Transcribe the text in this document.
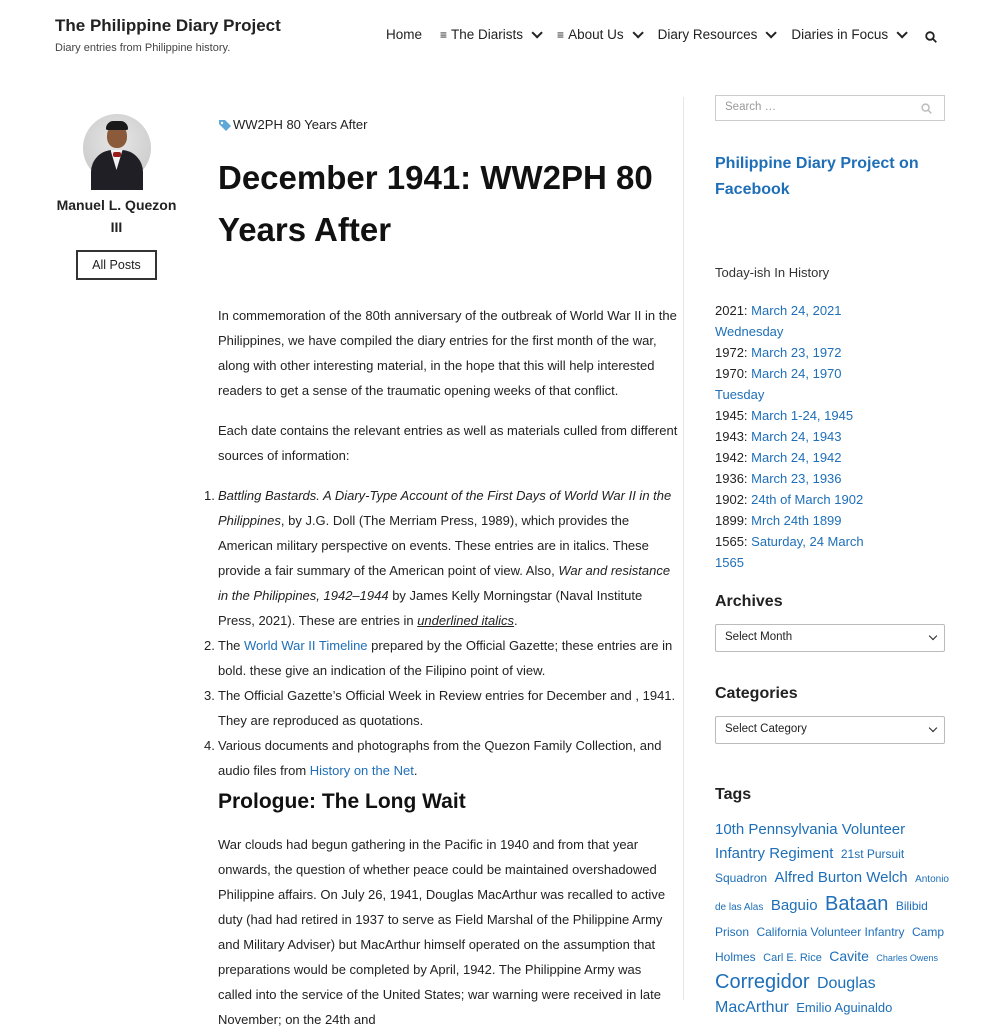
The Philippine Diary Project
Diary entries from Philippine history.
Home ≡ The Diarists	≡ About Us	Diary Resources	Diaries in Focus
Manuel L. Quezon III
All Posts
WW2PH 80 Years After
December 1941: WW2PH 80 Years After

In commemoration of the 80th anniversary of the outbreak of World War II in the Philippines, we have compiled the diary entries for the first month of the war, along with other interesting material, in the hope that this will help interested readers to get a sense of the traumatic opening weeks of that conflict.

Each date contains the relevant entries as well as materials culled from different sources of information:

Battling Bastards. A Diary-Type Account of the First Days of World War II in the Philippines, by J.G. Doll (The Merriam Press, 1989), which provides the American military perspective on events. These entries are in italics. These provide a fair summary of the American point of view. Also, War and resistance in the Philippines, 1942–1944 by James Kelly Morningstar (Naval Institute Press, 2021). These are entries in underlined italics.
The World War II Timeline prepared by the Official Gazette; these entries are in bold. these give an indication of the Filipino point of view.
The Official Gazette’s Official Week in Review entries for December and , 1941. They are reproduced as quotations.
Various documents and photographs from the Quezon Family Collection, and audio files from History on the Net.
Prologue: The Long Wait

War clouds had begun gathering in the Pacific in 1940 and from that year onwards, the question of whether peace could be maintained overshadowed Philippine affairs. On July 26, 1941, Douglas MacArthur was recalled to active duty (had had retired in 1937 to serve as Field Marshal of the Philippine Army and Military Adviser) but MacArthur himself operated on the assumption that preparations would be completed by April, 1942. The Philippine Army was called into the service of the United States; war warning were received in late November; on the 24th and

Search …
Philippine Diary Project on Facebook
Today-ish In History
2021: March 24, 2021
Wednesday
1972: March 23, 1972
1970: March 24, 1970
Tuesday
1945: March 1-24, 1945
1943: March 24, 1943
1942: March 24, 1942
1936: March 23, 1936
1902: 24th of March 1902
1899: Mrch 24th 1899
1565: Saturday, 24 March
1565
Archives
Select Month
Categories
Select Category
Tags
10th Pennsylvania Volunteer Infantry Regiment 21st Pursuit Squadron Alfred Burton Welch Antonio de las Alas Baguio Bataan Bilibid Prison California Volunteer Infantry Camp Holmes Carl E. Rice Cavite Charles Owens Corregidor Douglas MacArthur Emilio Aguinaldo
